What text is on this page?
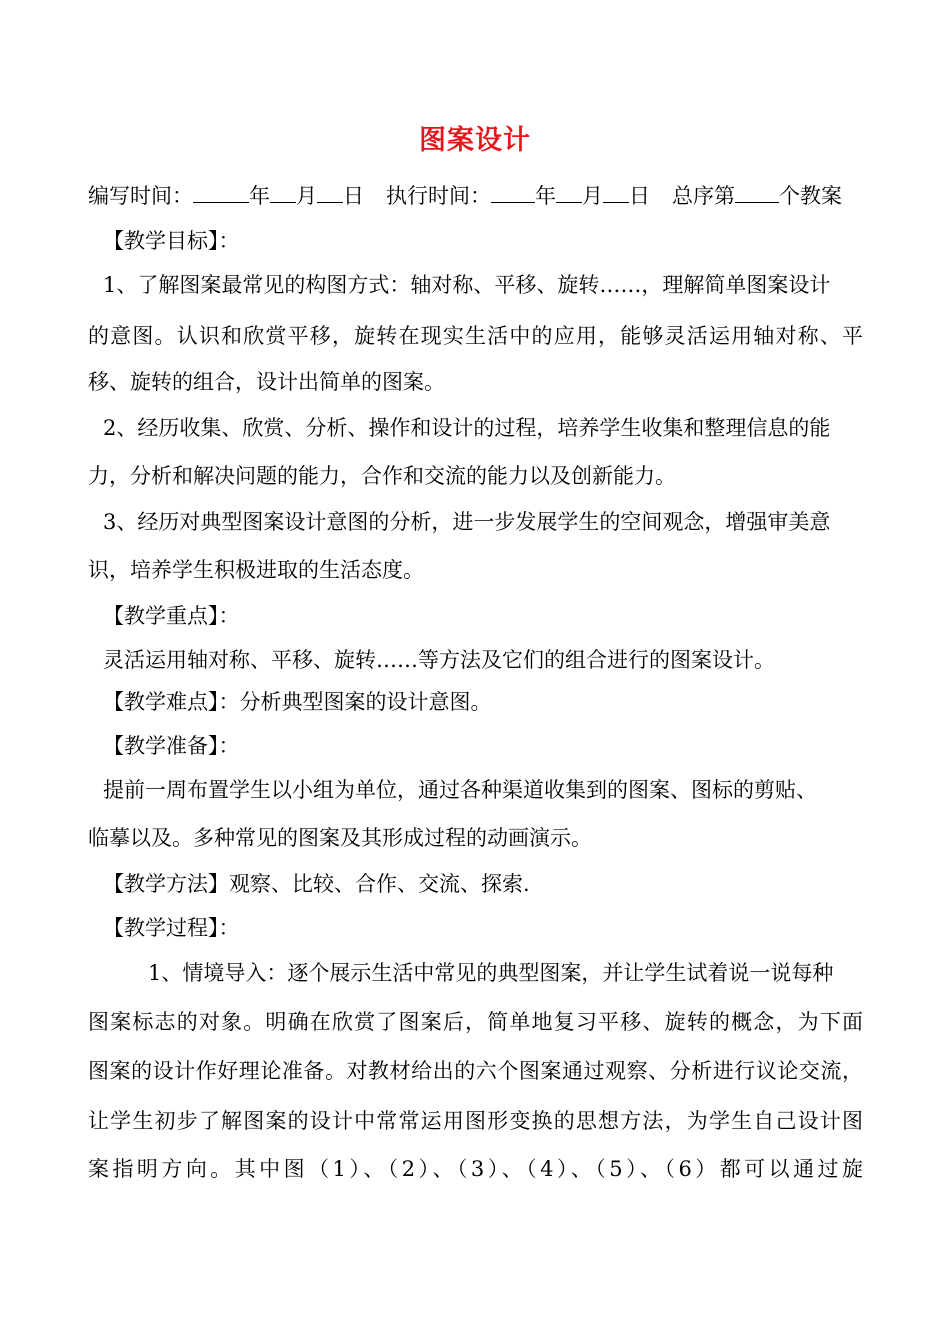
图案设计
编写时间：	年 月 日 执行时间： 年 月 日 总序第 个教案
【教学目标】：
1、了解图案最常见的构图方式：轴对称、平移、旋转……，理解简单图案设计
的意图。认识和欣赏平移，旋转在现实生活中的应用，能够灵活运用轴对称、平
移、旋转的组合，设计出简单的图案。
2、经历收集、欣赏、分析、操作和设计的过程，培养学生收集和整理信息的能
力，分析和解决问题的能力，合作和交流的能力以及创新能力。
3、经历对典型图案设计意图的分析，进一步发展学生的空间观念，增强审美意
识，培养学生积极进取的生活态度。
【教学重点】：
灵活运用轴对称、平移、旋转……等方法及它们的组合进行的图案设计。
【教学难点】：分析典型图案的设计意图。
【教学准备】：
提前一周布置学生以小组为单位，通过各种渠道收集到的图案、图标的剪贴、
临摹以及。多种常见的图案及其形成过程的动画演示。
【教学方法】观察、比较、合作、交流、探索.
【教学过程】：
1、情境导入：逐个展示生活中常见的典型图案，并让学生试着说一说每种
图案标志的对象。明确在欣赏了图案后，简单地复习平移、旋转的概念，为下面
图案的设计作好理论准备。对教材给出的六个图案通过观察、分析进行议论交流，
让学生初步了解图案的设计中常常运用图形变换的思想方法，为学生自己设计图
案指明方向。其中图（1）、（2）、（3）、（4）、（5）、（6）都可以通过旋
